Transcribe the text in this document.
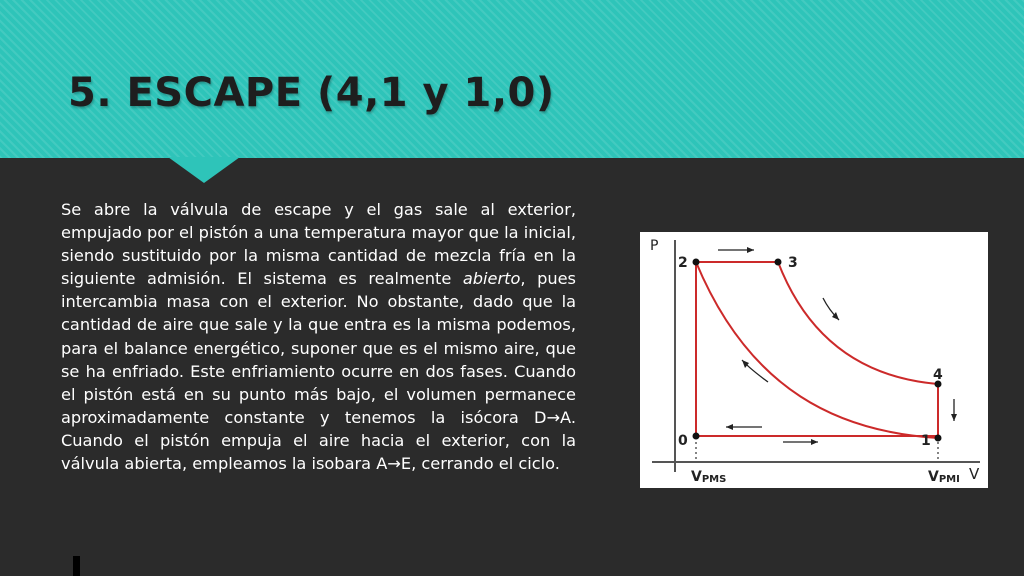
5. ESCAPE (4,1 y 1,0)

Se abre la válvula de escape y el gas sale al exterior, empujado por el pistón a una temperatura mayor que la inicial, siendo sustituido por la misma cantidad de mezcla fría en la siguiente admisión. El sistema es realmente abierto, pues intercambia masa con el exterior. No obstante, dado que la cantidad de aire que sale y la que entra es la misma podemos, para el balance energético, suponer que es el mismo aire, que se ha enfriado. Este enfriamiento ocurre en dos fases. Cuando el pistón está en su punto más bajo, el volumen permanece aproximadamente constante y tenemos la isócora D→A. Cuando el pistón empuja el aire hacia el exterior, con la válvula abierta, empleamos la isobara A→E, cerrando el ciclo.

P
V
2	3
4
1
0
VPMS	VPMI
